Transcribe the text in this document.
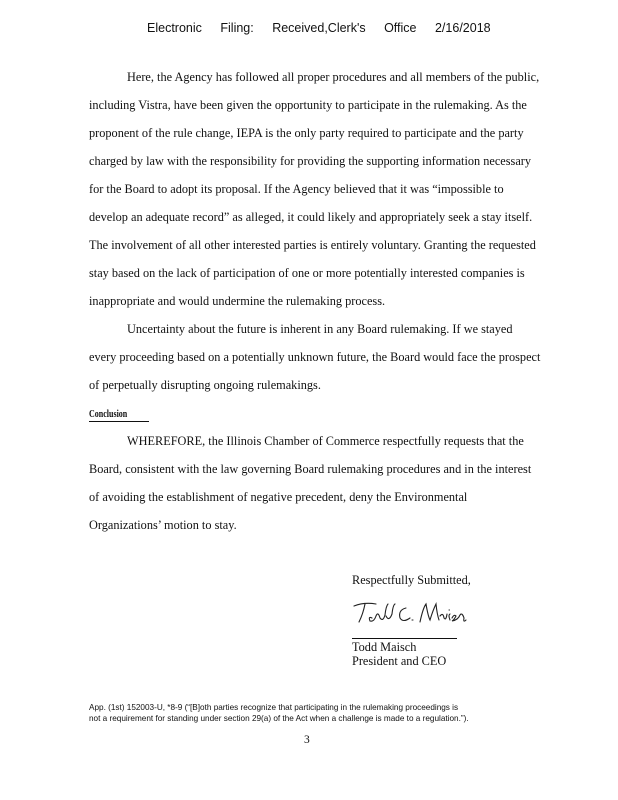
Electronic Filing: Received,Clerk's Office 2/16/2018
Here, the Agency has followed all proper procedures and all members of the public,
including Vistra, have been given the opportunity to participate in the rulemaking. As the
proponent of the rule change, IEPA is the only party required to participate and the party
charged by law with the responsibility for providing the supporting information necessary
for the Board to adopt its proposal. If the Agency believed that it was “impossible to
develop an adequate record” as alleged, it could likely and appropriately seek a stay itself.
The involvement of all other interested parties is entirely voluntary. Granting the requested
stay based on the lack of participation of one or more potentially interested companies is
inappropriate and would undermine the rulemaking process.
Uncertainty about the future is inherent in any Board rulemaking. If we stayed
every proceeding based on a potentially unknown future, the Board would face the prospect
of perpetually disrupting ongoing rulemakings.
Conclusion
WHEREFORE, the Illinois Chamber of Commerce respectfully requests that the
Board, consistent with the law governing Board rulemaking procedures and in the interest
of avoiding the establishment of negative precedent, deny the Environmental
Organizations’ motion to stay.
Respectfully Submitted,
Todd Maisch
President and CEO
App. (1st) 152003-U, *8-9 (“[B]oth parties recognize that participating in the rulemaking proceedings is
not a requirement for standing under section 29(a) of the Act when a challenge is made to a regulation.”).
3
